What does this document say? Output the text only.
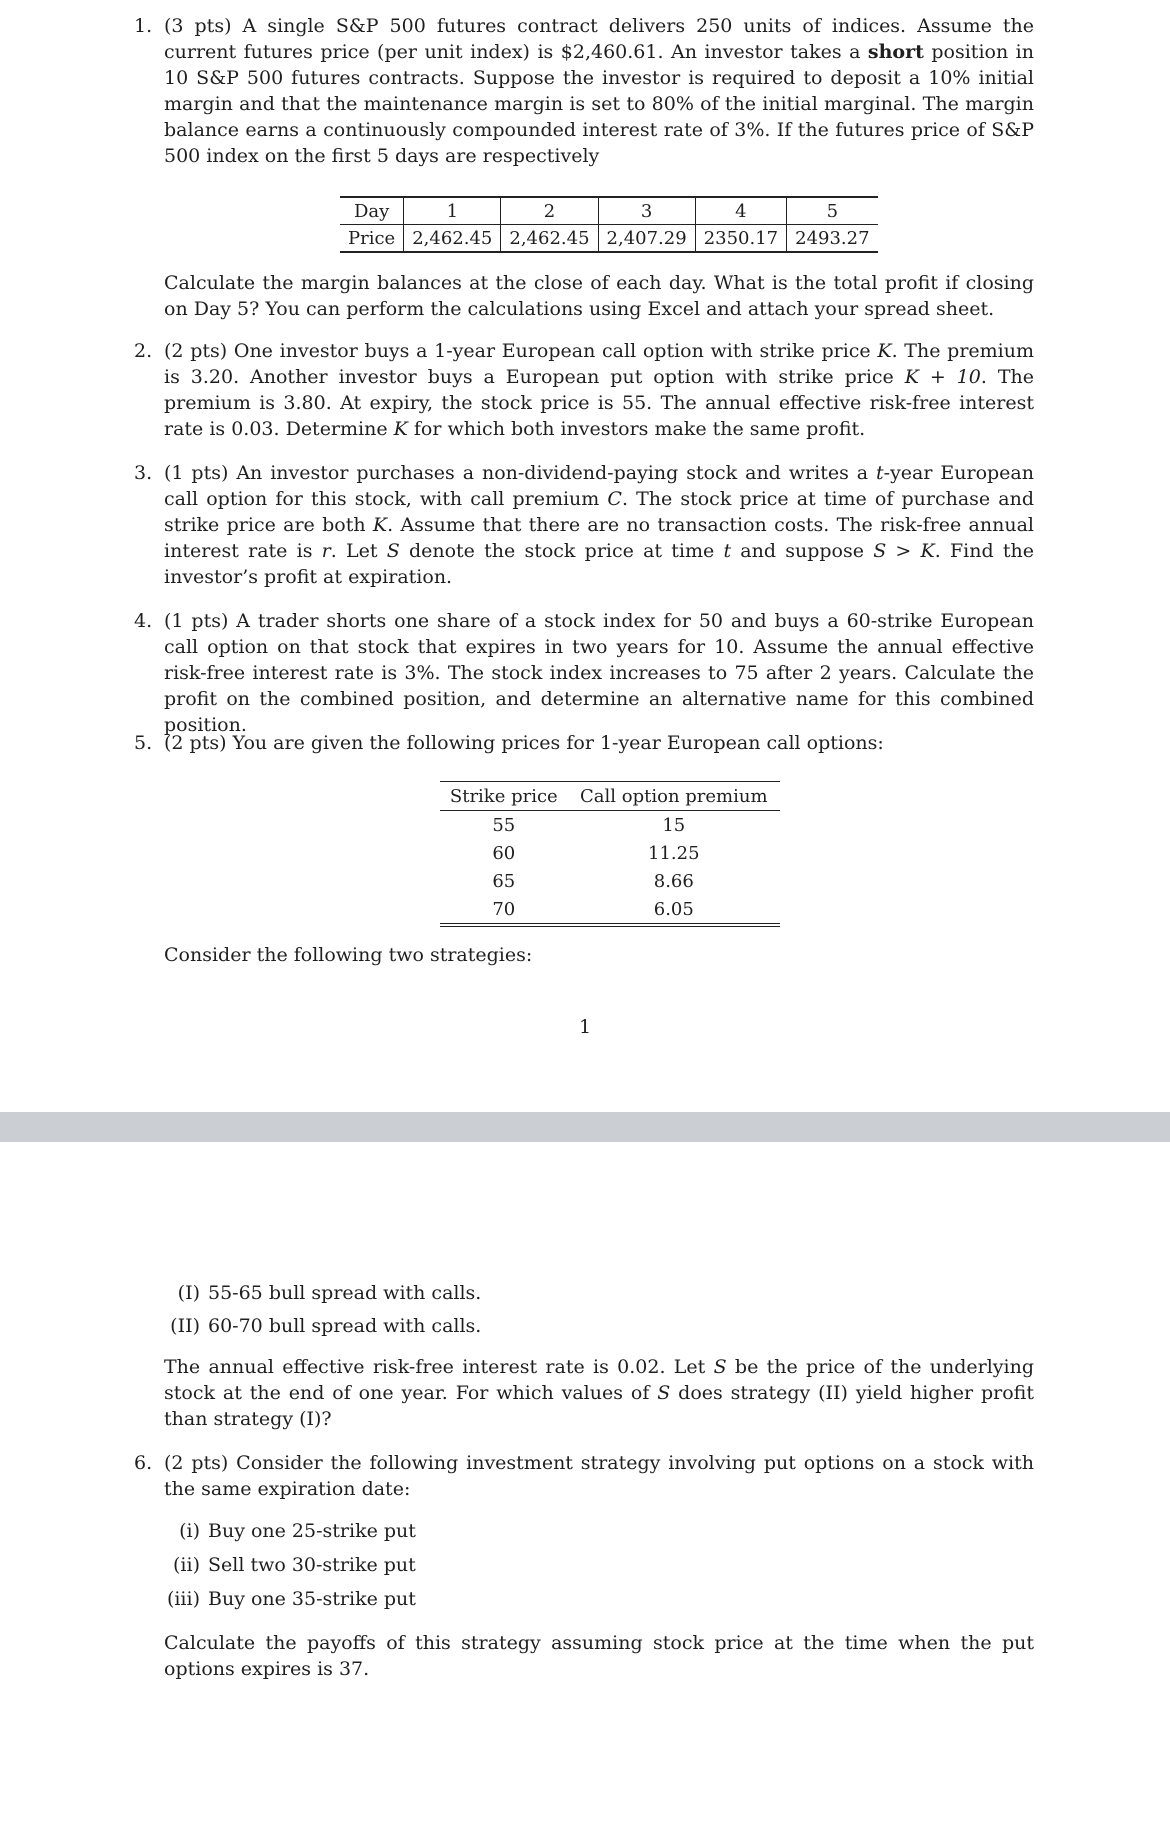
1. (3 pts) A single S&P 500 futures contract delivers 250 units of indices. Assume the current futures price (per unit index) is $2,460.61. An investor takes a short position in 10 S&P 500 futures contracts. Suppose the investor is required to deposit a 10% initial margin and that the maintenance margin is set to 80% of the initial marginal. The margin balance earns a continuously compounded interest rate of 3%. If the futures price of S&P 500 index on the first 5 days are respectively
Day	1	2	3	4	5
Price	2,462.45	2,462.45	2,407.29	2350.17	2493.27
Calculate the margin balances at the close of each day. What is the total profit if closing on Day 5? You can perform the calculations using Excel and attach your spread sheet.
2. (2 pts) One investor buys a 1-year European call option with strike price K. The premium is 3.20. Another investor buys a European put option with strike price K + 10. The premium is 3.80. At expiry, the stock price is 55. The annual effective risk-free interest rate is 0.03. Determine K for which both investors make the same profit.
3. (1 pts) An investor purchases a non-dividend-paying stock and writes a t-year European call option for this stock, with call premium C. The stock price at time of purchase and strike price are both K. Assume that there are no transaction costs. The risk-free annual interest rate is r. Let S denote the stock price at time t and suppose S > K. Find the investor’s profit at expiration.
4. (1 pts) A trader shorts one share of a stock index for 50 and buys a 60-strike European call option on that stock that expires in two years for 10. Assume the annual effective risk-free interest rate is 3%. The stock index increases to 75 after 2 years. Calculate the profit on the combined position, and determine an alternative name for this combined position.
5. (2 pts) You are given the following prices for 1-year European call options:
Strike price	Call option premium
55	15
60	11.25
65	8.66
70	6.05
Consider the following two strategies:
1
(I) 55-65 bull spread with calls.
(II) 60-70 bull spread with calls.
The annual effective risk-free interest rate is 0.02. Let S be the price of the underlying stock at the end of one year. For which values of S does strategy (II) yield higher profit than strategy (I)?
6. (2 pts) Consider the following investment strategy involving put options on a stock with the same expiration date:
(i) Buy one 25-strike put
(ii) Sell two 30-strike put
(iii) Buy one 35-strike put
Calculate the payoffs of this strategy assuming stock price at the time when the put options expires is 37.
